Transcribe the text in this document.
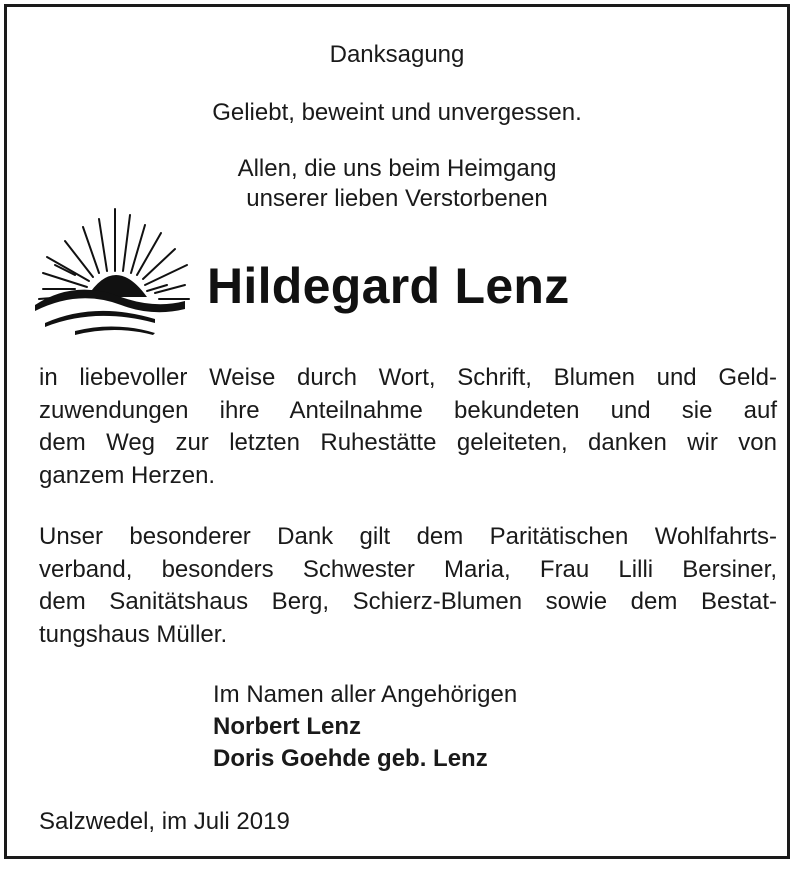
Danksagung
Geliebt, beweint und unvergessen.
Allen, die uns beim Heimgang
unserer lieben Verstorbenen
Hildegard Lenz
in liebevoller Weise durch Wort, Schrift, Blumen und Geld-
zuwendungen ihre Anteilnahme bekundeten und sie auf
dem Weg zur letzten Ruhestätte geleiteten, danken wir von
ganzem Herzen.
Unser besonderer Dank gilt dem Paritätischen Wohlfahrts-
verband, besonders Schwester Maria, Frau Lilli Bersiner,
dem Sanitätshaus Berg, Schierz-Blumen sowie dem Bestat-
tungshaus Müller.
Im Namen aller Angehörigen
Norbert Lenz
Doris Goehde geb. Lenz
Salzwedel, im Juli 2019
